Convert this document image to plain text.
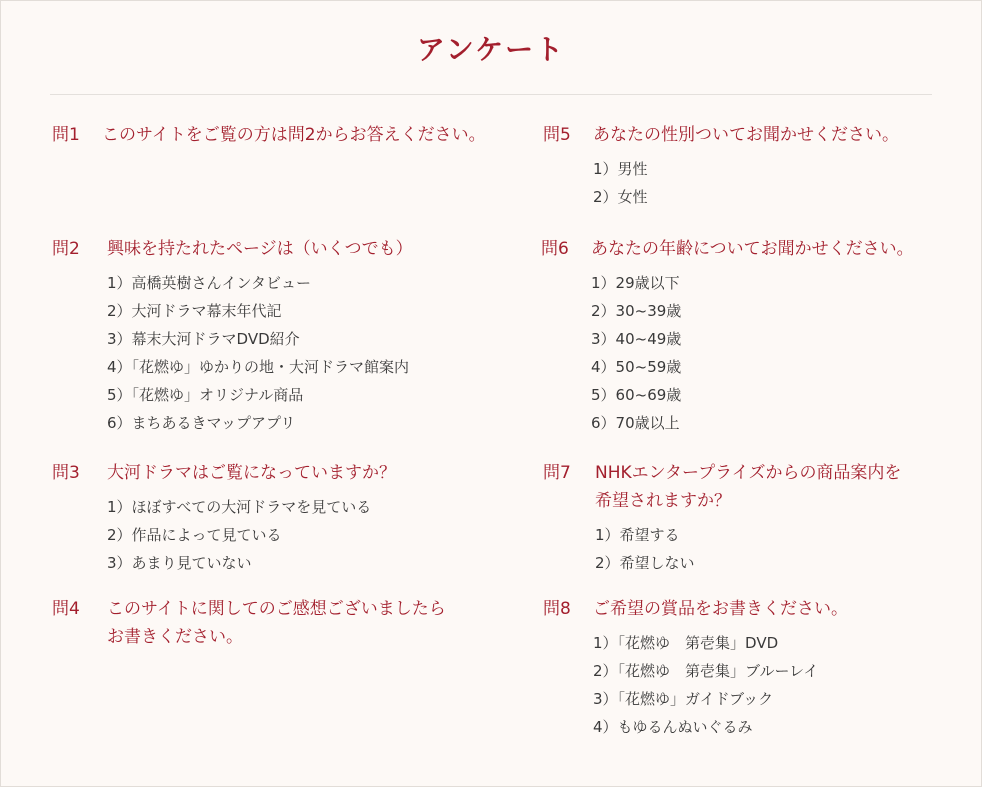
アンケート
問1	このサイトをご覧の方は問2からお答えください。
問2	興味を持たれたページは（いくつでも）
1）高橋英樹さんインタビュー
2）大河ドラマ幕末年代記
3）幕末大河ドラマDVD紹介
4）「花燃ゆ」ゆかりの地・大河ドラマ館案内
5）「花燃ゆ」オリジナル商品
6）まちあるきマップアプリ
問3	大河ドラマはご覧になっていますか？
1）ほぼすべての大河ドラマを見ている
2）作品によって見ている
3）あまり見ていない
問4	このサイトに関してのご感想ございましたら
お書きください。
問5	あなたの性別ついてお聞かせください。
1）男性
2）女性
問6	あなたの年齢についてお聞かせください。
1）29歳以下
2）30~39歳
3）40~49歳
4）50~59歳
5）60~69歳
6）70歳以上
問7	NHKエンタープライズからの商品案内を
希望されますか？
1）希望する
2）希望しない
問8	ご希望の賞品をお書きください。
1）「花燃ゆ　第壱集」DVD
2）「花燃ゆ　第壱集」ブルーレイ
3）「花燃ゆ」ガイドブック
4）もゆるんぬいぐるみ
